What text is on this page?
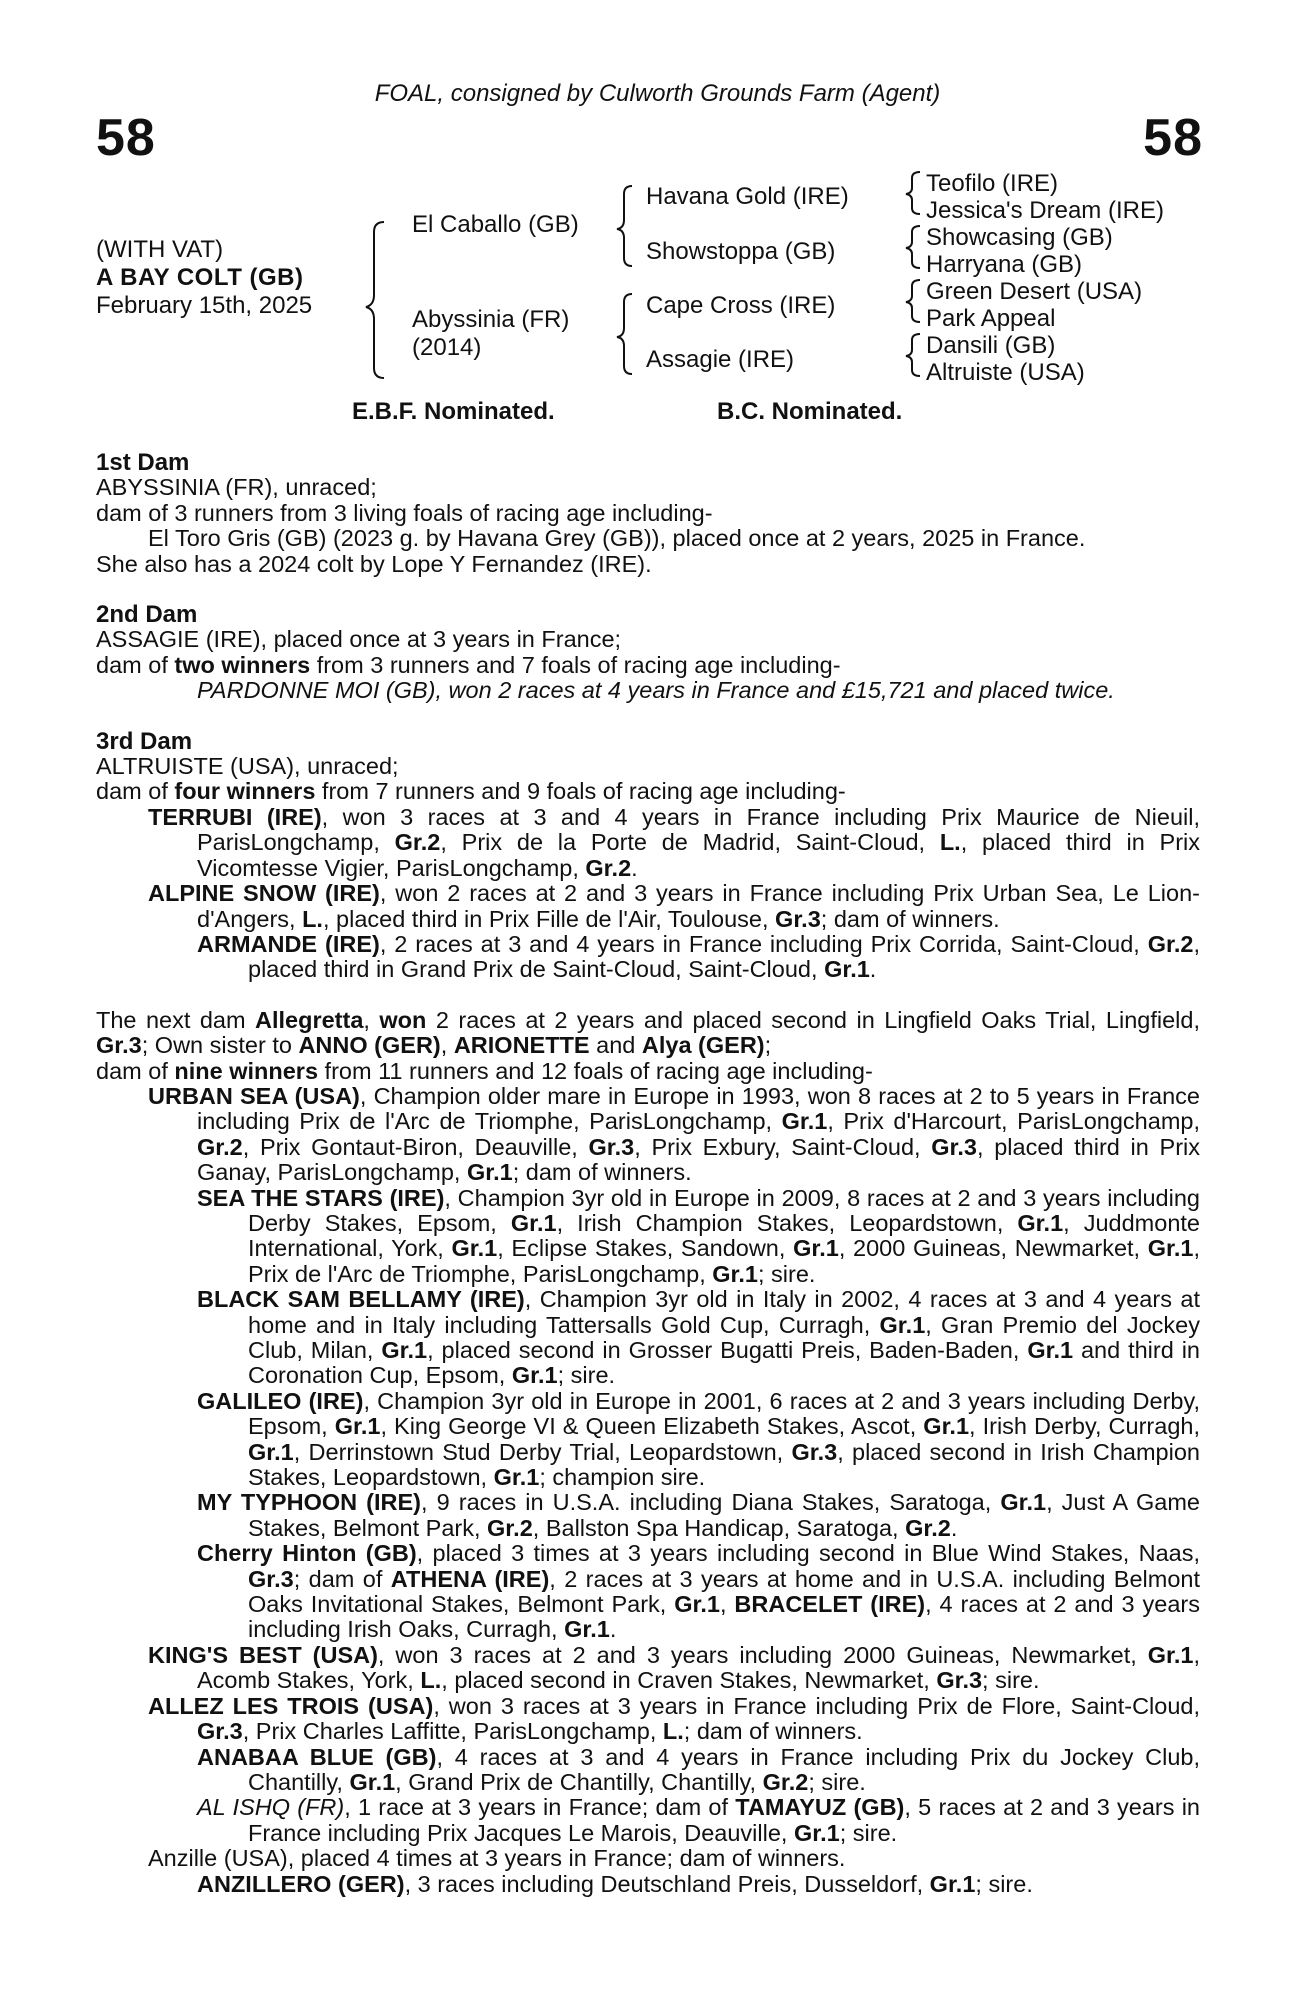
58	58
FOAL, consigned by Culworth Grounds Farm (Agent)
(WITH VAT)
A BAY COLT (GB)
February 15th, 2025
El Caballo (GB)
Abyssinia (FR)
(2014)
Havana Gold (IRE)
Showstoppa (GB)
Cape Cross (IRE)
Assagie (IRE)
Teofilo (IRE)
Jessica's Dream (IRE)
Showcasing (GB)
Harryana (GB)
Green Desert (USA)
Park Appeal
Dansili (GB)
Altruiste (USA)
E.B.F. Nominated.	B.C. Nominated.

1st Dam

ABYSSINIA (FR), unraced;

dam of 3 runners from 3 living foals of racing age including-

El Toro Gris (GB) (2023 g. by Havana Grey (GB)), placed once at 2 years, 2025 in France.

She also has a 2024 colt by Lope Y Fernandez (IRE).

2nd Dam

ASSAGIE (IRE), placed once at 3 years in France;

dam of two winners from 3 runners and 7 foals of racing age including-

PARDONNE MOI (GB), won 2 races at 4 years in France and £15,721 and placed twice.

3rd Dam

ALTRUISTE (USA), unraced;

dam of four winners from 7 runners and 9 foals of racing age including-

TERRUBI (IRE), won 3 races at 3 and 4 years in France including Prix Maurice de Nieuil, ParisLongchamp, Gr.2, Prix de la Porte de Madrid, Saint-Cloud, L., placed third in Prix Vicomtesse Vigier, ParisLongchamp, Gr.2.

ALPINE SNOW (IRE), won 2 races at 2 and 3 years in France including Prix Urban Sea, Le Lion-d'Angers, L., placed third in Prix Fille de l'Air, Toulouse, Gr.3; dam of winners.

ARMANDE (IRE), 2 races at 3 and 4 years in France including Prix Corrida, Saint-Cloud, Gr.2, placed third in Grand Prix de Saint-Cloud, Saint-Cloud, Gr.1.

The next dam Allegretta, won 2 races at 2 years and placed second in Lingfield Oaks Trial, Lingfield, Gr.3; Own sister to ANNO (GER), ARIONETTE and Alya (GER);

dam of nine winners from 11 runners and 12 foals of racing age including-

URBAN SEA (USA), Champion older mare in Europe in 1993, won 8 races at 2 to 5 years in France including Prix de l'Arc de Triomphe, ParisLongchamp, Gr.1, Prix d'Harcourt, ParisLongchamp, Gr.2, Prix Gontaut-Biron, Deauville, Gr.3, Prix Exbury, Saint-Cloud, Gr.3, placed third in Prix Ganay, ParisLongchamp, Gr.1; dam of winners.

SEA THE STARS (IRE), Champion 3yr old in Europe in 2009, 8 races at 2 and 3 years including Derby Stakes, Epsom, Gr.1, Irish Champion Stakes, Leopardstown, Gr.1, Juddmonte International, York, Gr.1, Eclipse Stakes, Sandown, Gr.1, 2000 Guineas, Newmarket, Gr.1, Prix de l'Arc de Triomphe, ParisLongchamp, Gr.1; sire.

BLACK SAM BELLAMY (IRE), Champion 3yr old in Italy in 2002, 4 races at 3 and 4 years at home and in Italy including Tattersalls Gold Cup, Curragh, Gr.1, Gran Premio del Jockey Club, Milan, Gr.1, placed second in Grosser Bugatti Preis, Baden-Baden, Gr.1 and third in Coronation Cup, Epsom, Gr.1; sire.

GALILEO (IRE), Champion 3yr old in Europe in 2001, 6 races at 2 and 3 years including Derby, Epsom, Gr.1, King George VI & Queen Elizabeth Stakes, Ascot, Gr.1, Irish Derby, Curragh, Gr.1, Derrinstown Stud Derby Trial, Leopardstown, Gr.3, placed second in Irish Champion Stakes, Leopardstown, Gr.1; champion sire.

MY TYPHOON (IRE), 9 races in U.S.A. including Diana Stakes, Saratoga, Gr.1, Just A Game Stakes, Belmont Park, Gr.2, Ballston Spa Handicap, Saratoga, Gr.2.

Cherry Hinton (GB), placed 3 times at 3 years including second in Blue Wind Stakes, Naas, Gr.3; dam of ATHENA (IRE), 2 races at 3 years at home and in U.S.A. including Belmont Oaks Invitational Stakes, Belmont Park, Gr.1, BRACELET (IRE), 4 races at 2 and 3 years including Irish Oaks, Curragh, Gr.1.

KING'S BEST (USA), won 3 races at 2 and 3 years including 2000 Guineas, Newmarket, Gr.1, Acomb Stakes, York, L., placed second in Craven Stakes, Newmarket, Gr.3; sire.

ALLEZ LES TROIS (USA), won 3 races at 3 years in France including Prix de Flore, Saint-Cloud, Gr.3, Prix Charles Laffitte, ParisLongchamp, L.; dam of winners.

ANABAA BLUE (GB), 4 races at 3 and 4 years in France including Prix du Jockey Club, Chantilly, Gr.1, Grand Prix de Chantilly, Chantilly, Gr.2; sire.

AL ISHQ (FR), 1 race at 3 years in France; dam of TAMAYUZ (GB), 5 races at 2 and 3 years in France including Prix Jacques Le Marois, Deauville, Gr.1; sire.

Anzille (USA), placed 4 times at 3 years in France; dam of winners.

ANZILLERO (GER), 3 races including Deutschland Preis, Dusseldorf, Gr.1; sire.
